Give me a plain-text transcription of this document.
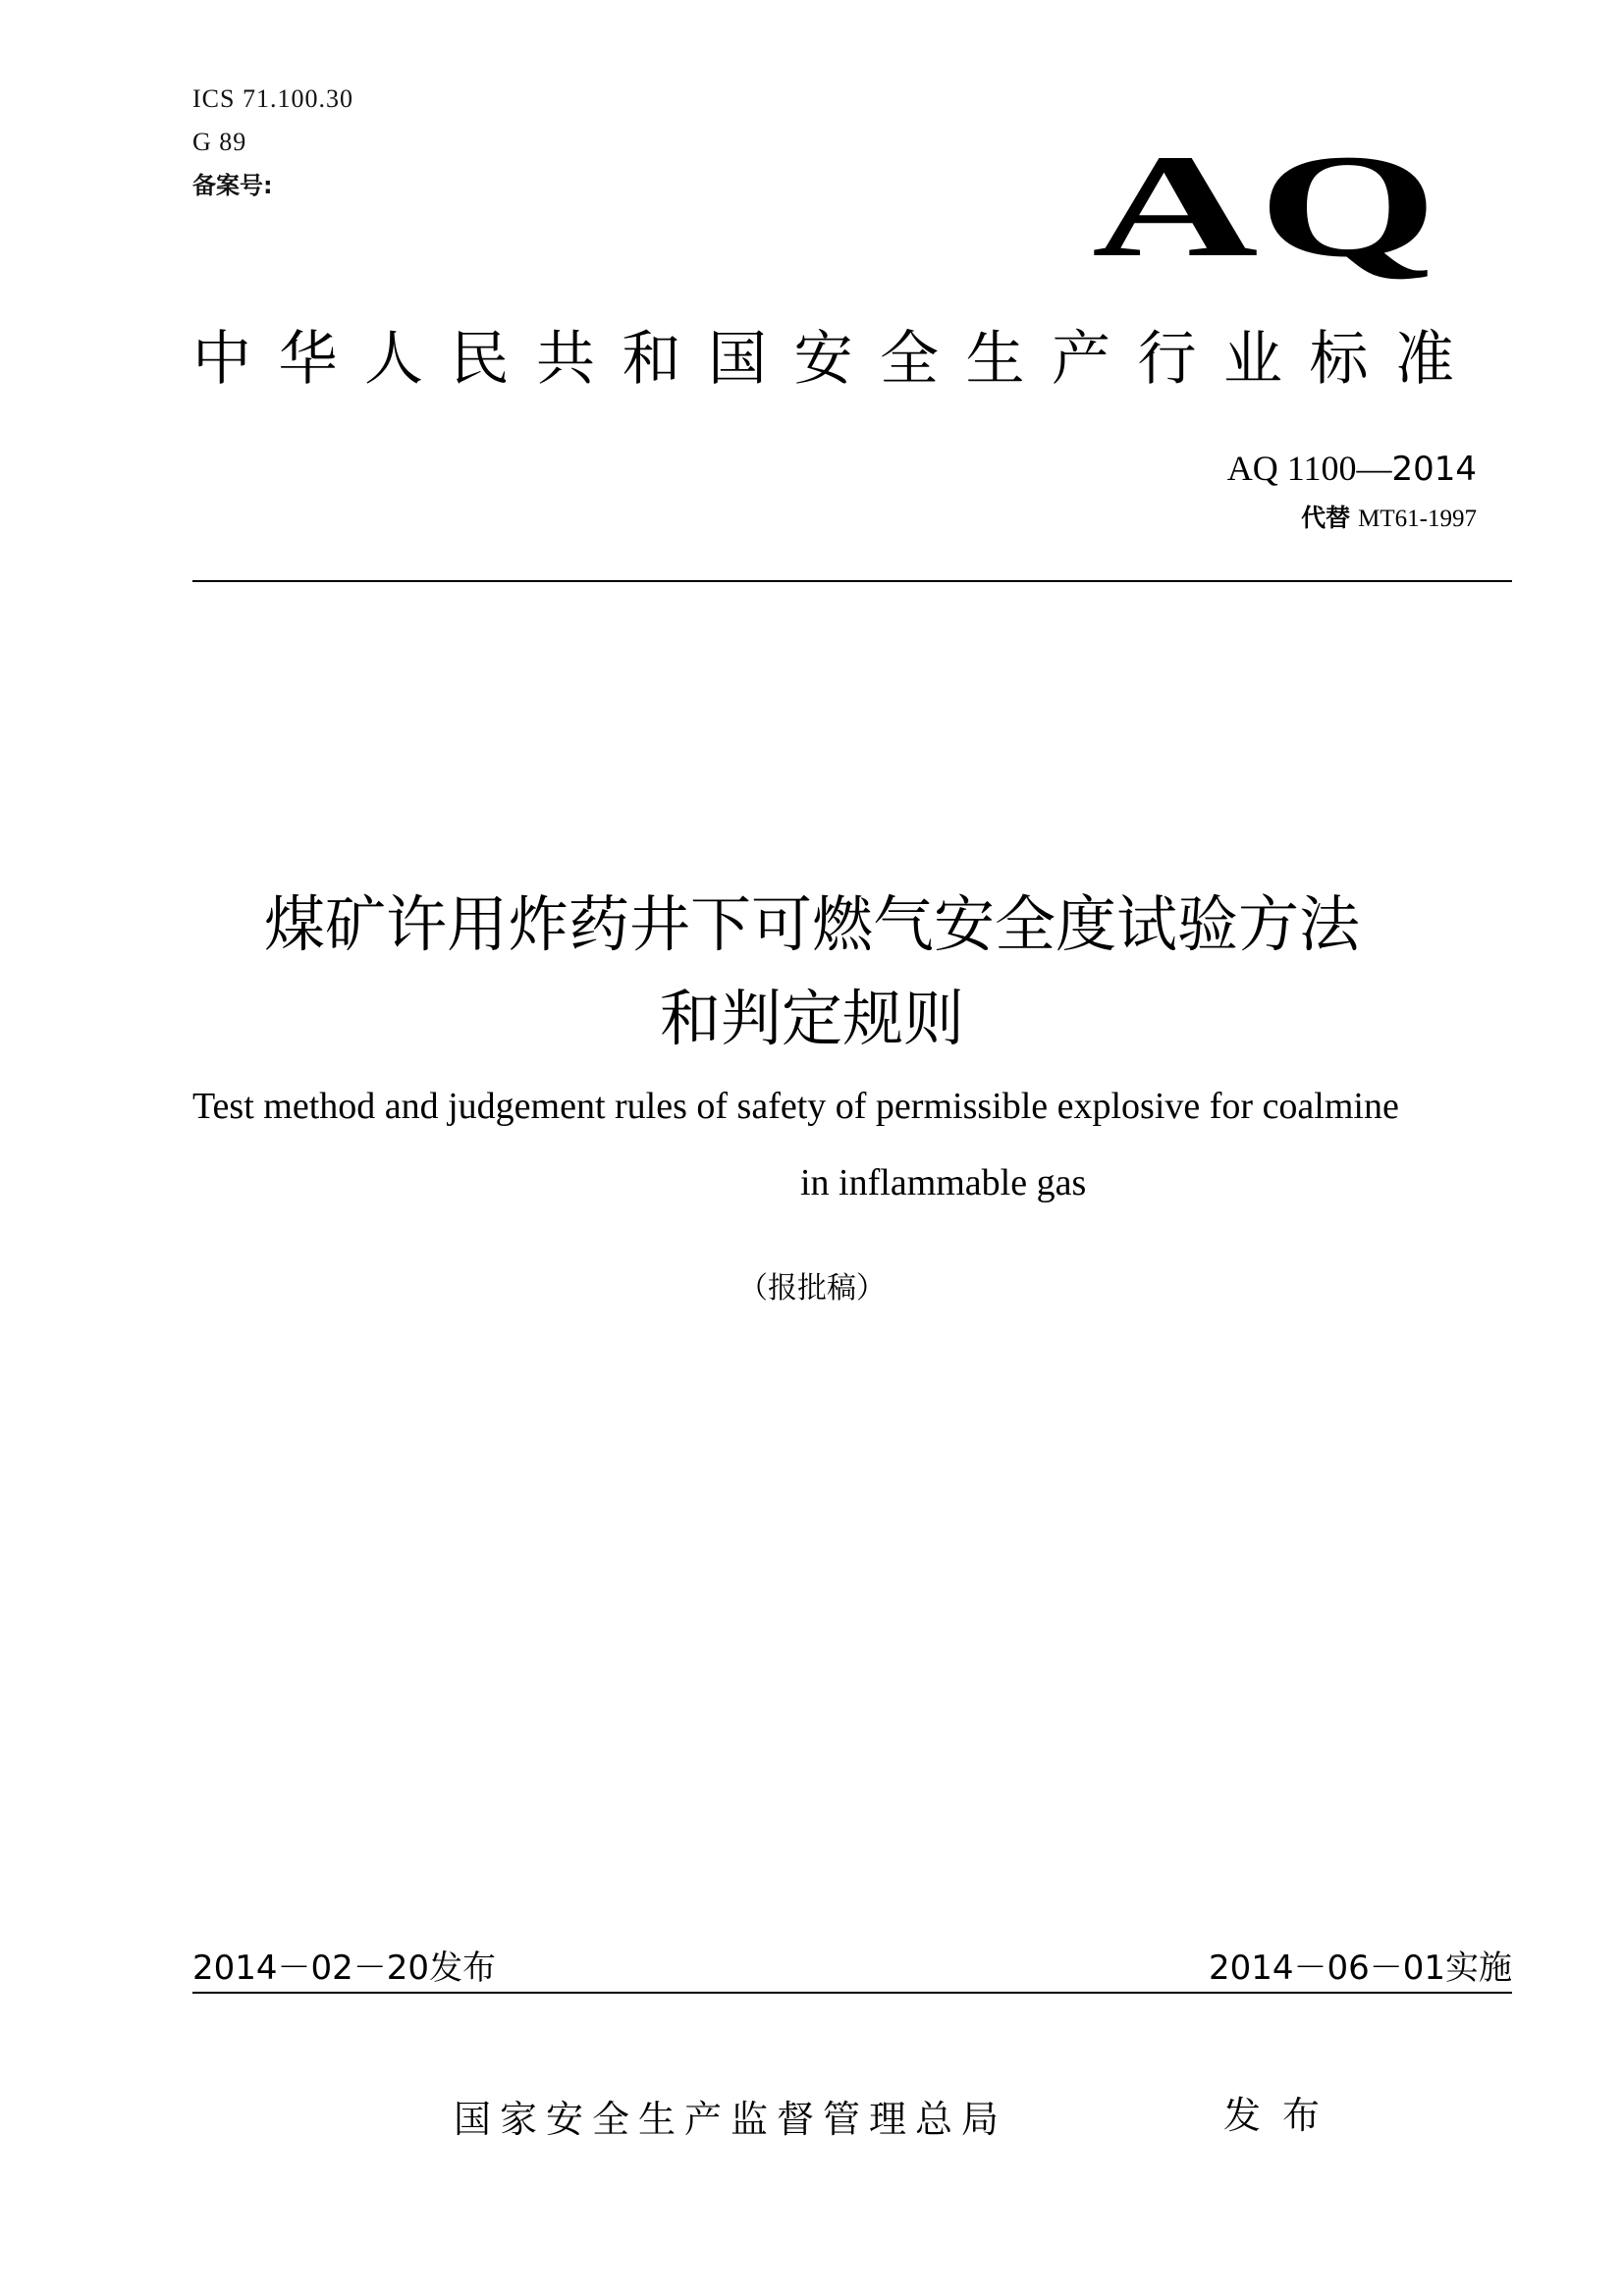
ICS 71.100.30
G 89
备案号:	AQ
中华人民共和国安全生产行业标准
AQ 1100—2014
代替 MT61-1997
煤矿许用炸药井下可燃气安全度试验方法
和判定规则
Test method and judgement rules of safety of permissible explosive for coalmine
in inflammable gas
（报批稿）
2014－02－20发布	2014－06－01实施
国家安全生产监督管理总局	发布
